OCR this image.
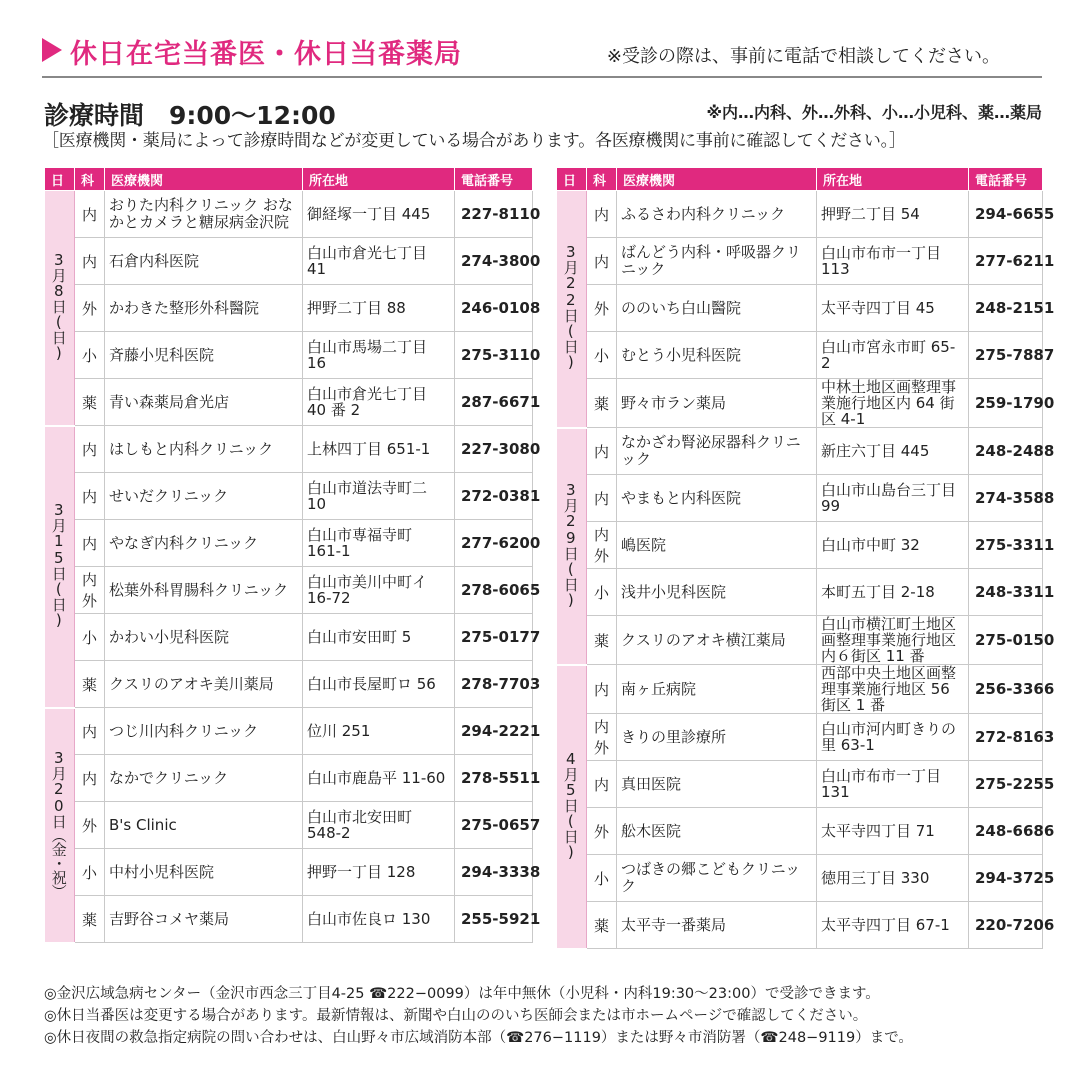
休日在宅当番医・休日当番薬局	※受診の際は、事前に電話で相談してください。
診療時間　9:00〜12:00	※内…内科、外…外科、小…小児科、薬…薬局
［医療機関・薬局によって診療時間などが変更している場合があります。各医療機関に事前に確認してください。］
日	科	医療機関	所在地	電話番号
3月8日(日)	内	おりた内科クリニック おなかとカメラと糖尿病金沢院	御経塚一丁目 445	227-8110
	内	石倉内科医院	白山市倉光七丁目 41	274-3800
	外	かわきた整形外科醫院	押野二丁目 88	246-0108
	小	斉藤小児科医院	白山市馬場二丁目 16	275-3110
	薬	青い森薬局倉光店	白山市倉光七丁目 40 番 2	287-6671
3月15日(日)	内	はしもと内科クリニック	上林四丁目 651-1	227-3080
	内	せいだクリニック	白山市道法寺町二 10	272-0381
	内	やなぎ内科クリニック	白山市専福寺町 161-1	277-6200
	内外	松葉外科胃腸科クリニック	白山市美川中町イ 16-72	278-6065
	小	かわい小児科医院	白山市安田町 5	275-0177
	薬	クスリのアオキ美川薬局	白山市長屋町ロ 56	278-7703
3月20日（金・祝）	内	つじ川内科クリニック	位川 251	294-2221
	内	なかでクリニック	白山市鹿島平 11-60	278-5511
	外	B's Clinic	白山市北安田町 548-2	275-0657
	小	中村小児科医院	押野一丁目 128	294-3338
	薬	吉野谷コメヤ薬局	白山市佐良ロ 130	255-5921
日	科	医療機関	所在地	電話番号
3月22日(日)	内	ふるさわ内科クリニック	押野二丁目 54	294-6655
	内	ばんどう内科・呼吸器クリニック	白山市布市一丁目 113	277-6211
	外	ののいち白山醫院	太平寺四丁目 45	248-2151
	小	むとう小児科医院	白山市宮永市町 65-2	275-7887
	薬	野々市ラン薬局	中林土地区画整理事業施行地区内 64 街区 4-1	259-1790
3月29日(日)	内	なかざわ腎泌尿器科クリニック	新庄六丁目 445	248-2488
	内	やまもと内科医院	白山市山島台三丁目 99	274-3588
	内外	嶋医院	白山市中町 32	275-3311
	小	浅井小児科医院	本町五丁目 2-18	248-3311
	薬	クスリのアオキ横江薬局	白山市横江町土地区画整理事業施行地区内６街区 11 番	275-0150
4月5日(日)	内	南ヶ丘病院	西部中央土地区画整理事業施行地区 56 街区 1 番	256-3366
	内外	きりの里診療所	白山市河内町きりの里 63-1	272-8163
	内	真田医院	白山市布市一丁目 131	275-2255
	外	舩木医院	太平寺四丁目 71	248-6686
	小	つばきの郷こどもクリニック	徳用三丁目 330	294-3725
	薬	太平寺一番薬局	太平寺四丁目 67-1	220-7206
◎金沢広域急病センター（金沢市西念三丁目4-25 ☎222−0099）は年中無休（小児科・内科19:30〜23:00）で受診できます。
◎休日当番医は変更する場合があります。最新情報は、新聞や白山ののいち医師会または市ホームページで確認してください。
◎休日夜間の救急指定病院の問い合わせは、白山野々市広域消防本部（☎276−1119）または野々市消防署（☎248−9119）まで。
